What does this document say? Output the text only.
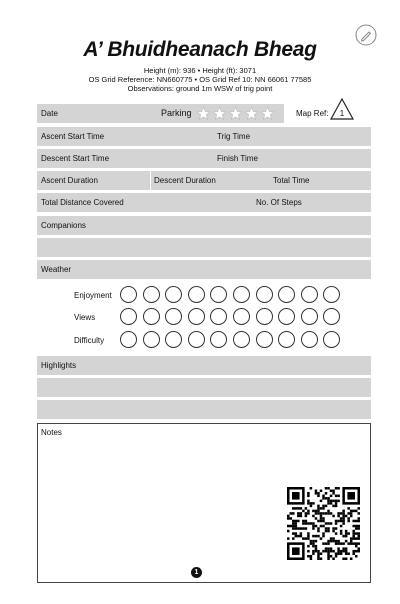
A’ Bhuidheanach Bheag
Height (m): 936 • Height (ft): 3071
OS Grid Reference: NN660775 • OS Grid Ref 10: NN 66061 77585
Observations: ground 1m WSW of trig point
Date	Parking	Map Ref:	1
Ascent Start Time	Trig Time
Descent Start Time	Finish Time
Ascent Duration	Descent Duration	Total Time
Total Distance Covered	No. Of Steps
Companions
Weather
Enjoyment
Views
Difficulty
Highlights
Notes
1
